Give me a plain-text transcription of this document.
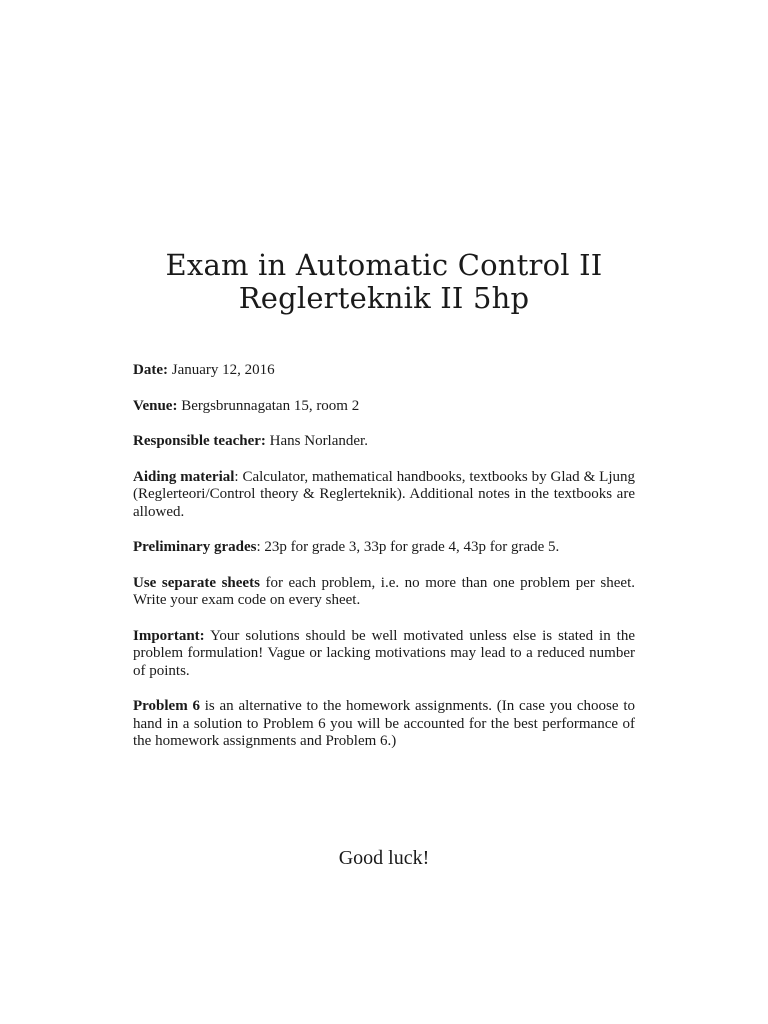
Exam in Automatic Control II
Reglerteknik II 5hp

Date: January 12, 2016

Venue: Bergsbrunnagatan 15, room 2

Responsible teacher: Hans Norlander.

Aiding material: Calculator, mathematical handbooks, textbooks by Glad & Ljung (Reglerteori/Control theory & Reglerteknik). Additional notes in the textbooks are allowed.

Preliminary grades: 23p for grade 3, 33p for grade 4, 43p for grade 5.

Use separate sheets for each problem, i.e. no more than one problem per sheet. Write your exam code on every sheet.

Important: Your solutions should be well motivated unless else is stated in the problem formulation! Vague or lacking motivations may lead to a reduced number of points.

Problem 6 is an alternative to the homework assignments. (In case you choose to hand in a solution to Problem 6 you will be accounted for the best performance of the homework assignments and Problem 6.)

Good luck!
